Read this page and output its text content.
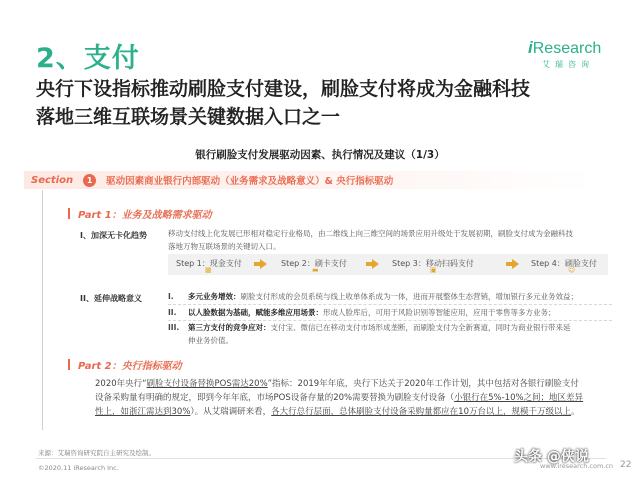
2、支付	i Research
艾瑞咨询
央行下设指标推动刷脸支付建设，刷脸支付将成为金融科技
落地三维互联场景关键数据入口之一
银行刷脸支付发展驱动因素、执行情况及建议（1/3）
Section	1	驱动因素商业银行内部驱动（业务需求及战略意义）& 央行指标驱动
Part 1：业务及战略需求驱动
I、加深无卡化趋势	移动支付线上化发展已形相对稳定行业格局，由二维线上向三维空间的场景应用升级处于发展初期，刷脸支付成为金融科技
落地万物互联场景的关键切入口。
Step 1：现金支付
▦
Step 2：刷卡支付
▬
Step 3：移动扫码支付
▣
Step 4：刷脸支付
☺
II、延伸战略意义	I. 多元业务增效：刷脸支付形成的会员系统与线上收单体系成为一体，进而开展整体生态营销，增加银行多元业务效益；
II. 以人脸数据为基础，赋能多维应用场景：形成人脸库后，可用于风险识别等智能应用，应用于零售等多方业务；
III. 第三方支付的竞争应对：支付宝、微信已在移动支付市场形成垄断，而刷脸支付为全新赛道，同时为商业银行带来延
伸业务价值。
Part 2：央行指标驱动
2020年央行“刷脸支付设备替换POS需达20%”指标：2019年年底，央行下达关于2020年工作计划，其中包括对各银行刷脸支付
设备采购量有明确的规定，即到今年年底，市场POS设备存量的20%需要替换为刷脸支付设备（小银行在5%-10%之间；地区差异
性上，如浙江需达到30%）。从艾瑞调研来看，各大行总行层面，总体刷脸支付设备采购量都应在10万台以上，规模千万级以上。
来源：艾瑞咨询研究院自主研究及绘制。
©2020.11 iResearch Inc.	www.iresearch.com.cn 22
头条 @侠说
